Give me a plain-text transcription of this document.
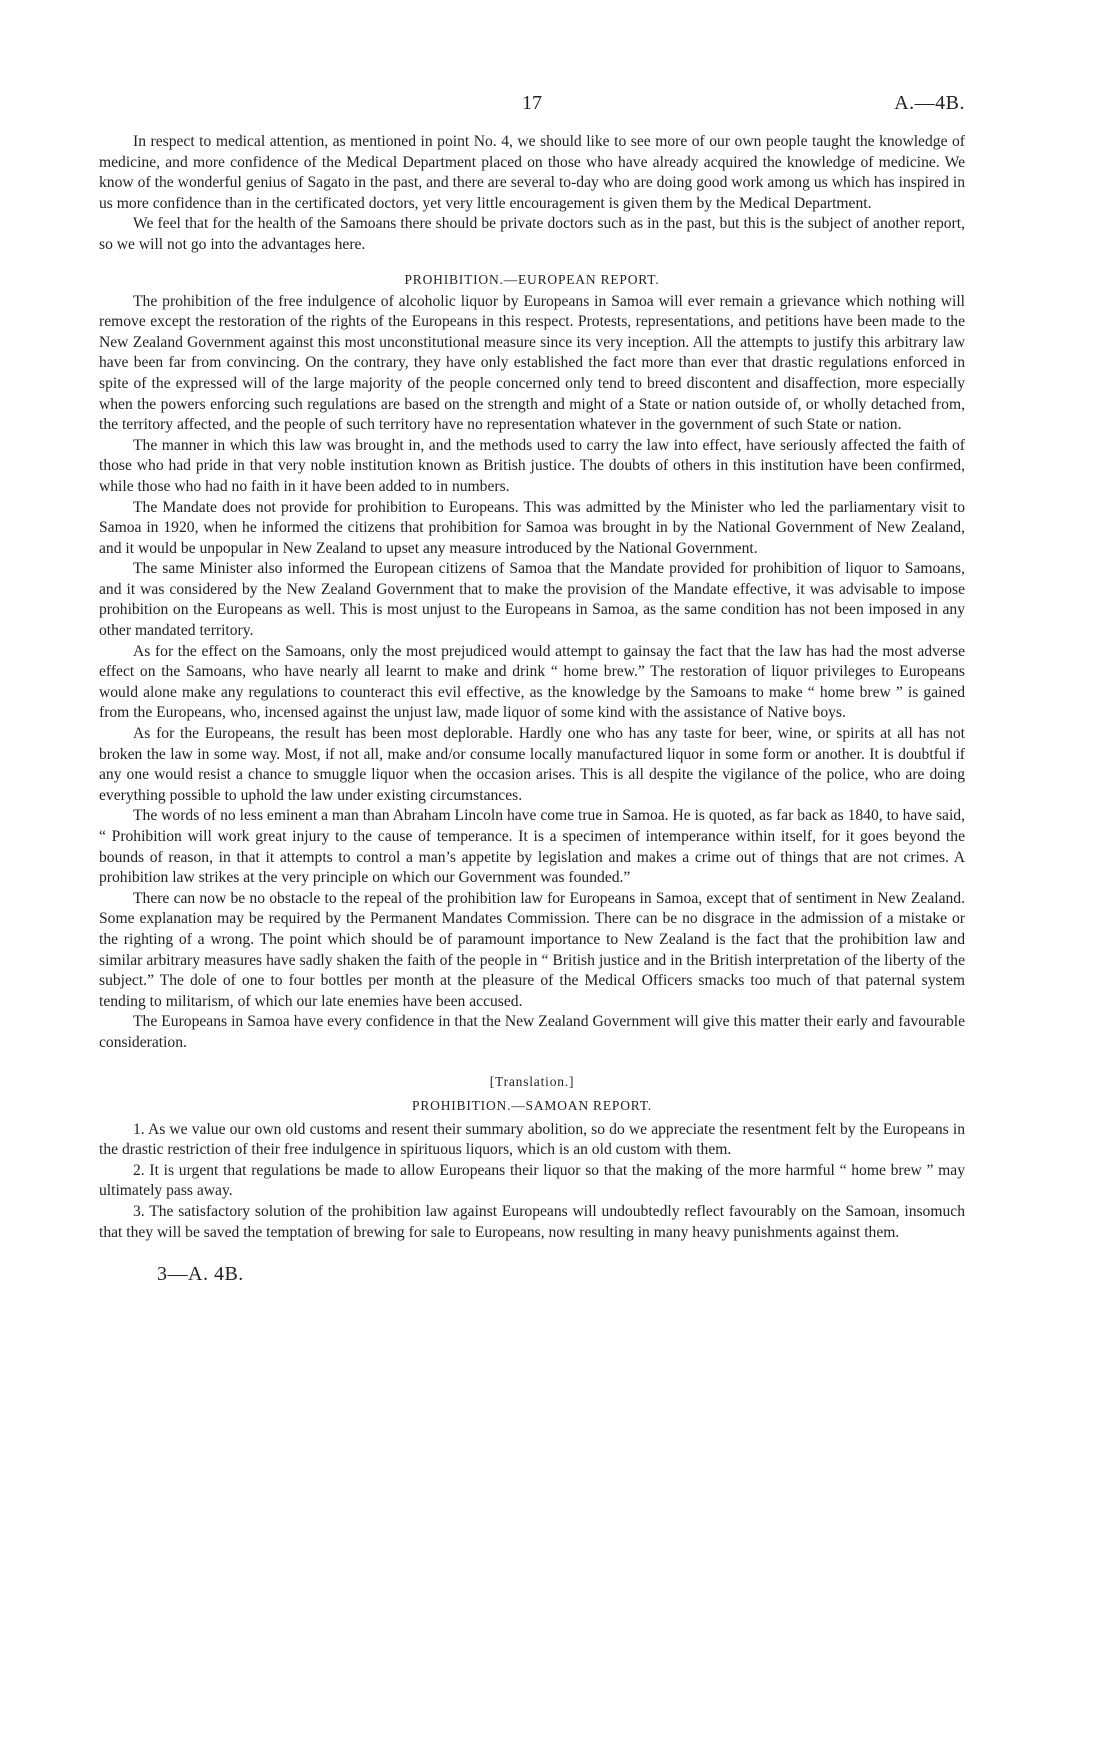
17	A.—4B.

In respect to medical attention, as mentioned in point No. 4, we should like to see more of our own people taught the knowledge of medicine, and more confidence of the Medical Department placed on those who have already acquired the knowledge of medicine. We know of the wonderful genius of Sagato in the past, and there are several to-day who are doing good work among us which has inspired in us more confidence than in the certificated doctors, yet very little encouragement is given them by the Medical Department.

We feel that for the health of the Samoans there should be private doctors such as in the past, but this is the subject of another report, so we will not go into the advantages here.

PROHIBITION.—EUROPEAN REPORT.

The prohibition of the free indulgence of alcoholic liquor by Europeans in Samoa will ever remain a grievance which nothing will remove except the restoration of the rights of the Europeans in this respect. Protests, representations, and petitions have been made to the New Zealand Government against this most unconstitutional measure since its very inception. All the attempts to justify this arbitrary law have been far from convincing. On the contrary, they have only established the fact more than ever that drastic regulations enforced in spite of the expressed will of the large majority of the people concerned only tend to breed discontent and disaffection, more especially when the powers enforcing such regulations are based on the strength and might of a State or nation outside of, or wholly detached from, the territory affected, and the people of such territory have no representation whatever in the government of such State or nation.

The manner in which this law was brought in, and the methods used to carry the law into effect, have seriously affected the faith of those who had pride in that very noble institution known as British justice. The doubts of others in this institution have been confirmed, while those who had no faith in it have been added to in numbers.

The Mandate does not provide for prohibition to Europeans. This was admitted by the Minister who led the parliamentary visit to Samoa in 1920, when he informed the citizens that prohibition for Samoa was brought in by the National Government of New Zealand, and it would be unpopular in New Zealand to upset any measure introduced by the National Government.

The same Minister also informed the European citizens of Samoa that the Mandate provided for prohibition of liquor to Samoans, and it was considered by the New Zealand Government that to make the provision of the Mandate effective, it was advisable to impose prohibition on the Europeans as well. This is most unjust to the Europeans in Samoa, as the same condition has not been imposed in any other mandated territory.

As for the effect on the Samoans, only the most prejudiced would attempt to gainsay the fact that the law has had the most adverse effect on the Samoans, who have nearly all learnt to make and drink “ home brew.” The restoration of liquor privileges to Europeans would alone make any regulations to counteract this evil effective, as the knowledge by the Samoans to make “ home brew ” is gained from the Europeans, who, incensed against the unjust law, made liquor of some kind with the assistance of Native boys.

As for the Europeans, the result has been most deplorable. Hardly one who has any taste for beer, wine, or spirits at all has not broken the law in some way. Most, if not all, make and/or consume locally manufactured liquor in some form or another. It is doubtful if any one would resist a chance to smuggle liquor when the occasion arises. This is all despite the vigilance of the police, who are doing everything possible to uphold the law under existing circumstances.

The words of no less eminent a man than Abraham Lincoln have come true in Samoa. He is quoted, as far back as 1840, to have said, “ Prohibition will work great injury to the cause of temperance. It is a specimen of intemperance within itself, for it goes beyond the bounds of reason, in that it attempts to control a man’s appetite by legislation and makes a crime out of things that are not crimes. A prohibition law strikes at the very principle on which our Government was founded.”

There can now be no obstacle to the repeal of the prohibition law for Europeans in Samoa, except that of sentiment in New Zealand. Some explanation may be required by the Permanent Mandates Commission. There can be no disgrace in the admission of a mistake or the righting of a wrong. The point which should be of paramount importance to New Zealand is the fact that the prohibition law and similar arbitrary measures have sadly shaken the faith of the people in “ British justice and in the British interpretation of the liberty of the subject.” The dole of one to four bottles per month at the pleasure of the Medical Officers smacks too much of that paternal system tending to militarism, of which our late enemies have been accused.

The Europeans in Samoa have every confidence in that the New Zealand Government will give this matter their early and favourable consideration.

[Translation.]
PROHIBITION.—SAMOAN REPORT.

1. As we value our own old customs and resent their summary abolition, so do we appreciate the resentment felt by the Europeans in the drastic restriction of their free indulgence in spirituous liquors, which is an old custom with them.

2. It is urgent that regulations be made to allow Europeans their liquor so that the making of the more harmful “ home brew ” may ultimately pass away.

3. The satisfactory solution of the prohibition law against Europeans will undoubtedly reflect favourably on the Samoan, insomuch that they will be saved the temptation of brewing for sale to Europeans, now resulting in many heavy punishments against them.

3—A. 4B.
